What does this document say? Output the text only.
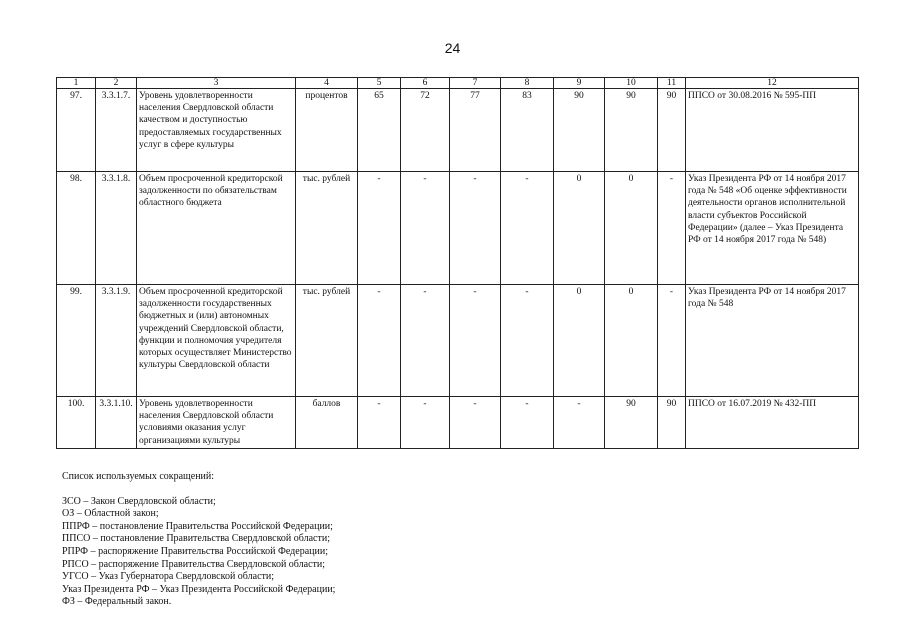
24
1	2	3	4	5	6	7	8	9	10	11	12
97.	3.3.1.7.	Уровень удовлетворенности населения Свердловской области качеством и доступностью предоставляемых государственных услуг в сфере культуры	процентов	65	72	77	83	90	90	90	ППСО от 30.08.2016 № 595-ПП
98.	3.3.1.8.	Объем просроченной кредиторской задолженности по обязательствам областного бюджета	тыс. рублей	-	-	-	-	0	0	-	Указ Президента РФ от 14 ноября 2017 года № 548 «Об оценке эффективности деятельности органов исполнительной власти субъектов Российской Федерации» (далее – Указ Президента РФ от 14 ноября 2017 года № 548)
99.	3.3.1.9.	Объем просроченной кредиторской задолженности государственных бюджетных и (или) автономных учреждений Свердловской области, функции и полномочия учредителя которых осуществляет Министерство культуры Свердловской области	тыс. рублей	-	-	-	-	0	0	-	Указ Президента РФ от 14 ноября 2017 года № 548
100.	3.3.1.10.	Уровень удовлетворенности населения Свердловской области условиями оказания услуг организациями культуры	баллов	-	-	-	-	-	90	90	ППСО от 16.07.2019 № 432-ПП
Список используемых сокращений:
ЗСО – Закон Свердловской области;
ОЗ – Областной закон;
ППРФ – постановление Правительства Российской Федерации;
ППСО – постановление Правительства Свердловской области;
РПРФ – распоряжение Правительства Российской Федерации;
РПСО – распоряжение Правительства Свердловской области;
УГСО – Указ Губернатора Свердловской области;
Указ Президента РФ – Указ Президента Российской Федерации;
ФЗ – Федеральный закон.
